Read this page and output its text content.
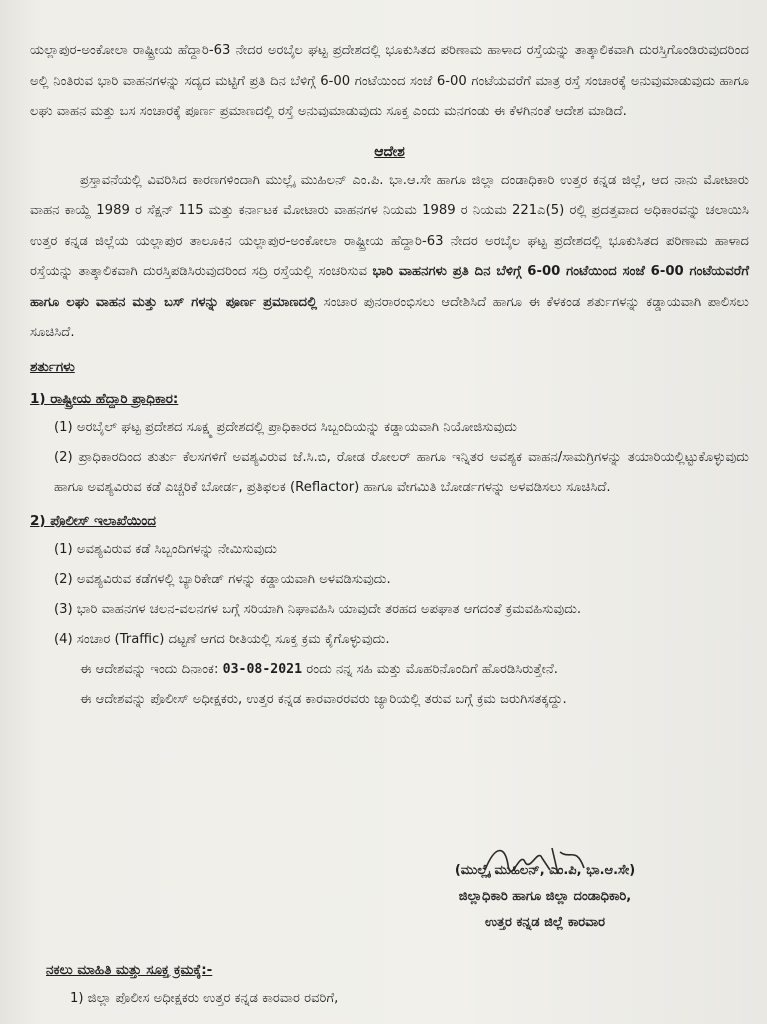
ಯಲ್ಲಾಪುರ-ಅಂಕೋಲಾ ರಾಷ್ಟ್ರೀಯ ಹೆದ್ದಾರಿ-63 ನೇದರ ಅರಬೈಲ ಘಟ್ಟ ಪ್ರದೇಶದಲ್ಲಿ ಭೂಕುಸಿತದ ಪರಿಣಾಮ ಹಾಳಾದ ರಸ್ತೆಯನ್ನು ತಾತ್ಕಾಲಿಕವಾಗಿ ದುರಸ್ತಿಗೊಂಡಿರುವುದರಿಂದ ಅಲ್ಲಿ ನಿಂತಿರುವ ಭಾರಿ ವಾಹನಗಳನ್ನು ಸದ್ಯದ ಮಟ್ಟಿಗೆ ಪ್ರತಿ ದಿನ ಬೆಳಿಗ್ಗೆ 6-00 ಗಂಟೆಯಿಂದ ಸಂಜೆ 6-00 ಗಂಟೆಯವರೆಗೆ ಮಾತ್ರ ರಸ್ತೆ ಸಂಚಾರಕ್ಕೆ ಅನುವುಮಾಡುವುದು ಹಾಗೂ ಲಘು ವಾಹನ ಮತ್ತು ಬಸ ಸಂಚಾರಕ್ಕೆ ಪೂರ್ಣ ಪ್ರಮಾಣದಲ್ಲಿ ರಸ್ತೆ ಅನುವುಮಾಡುವುದು ಸೂಕ್ತ ಎಂದು ಮನಗಂಡು ಈ ಕೆಳಗಿನಂತೆ ಆದೇಶ ಮಾಡಿದೆ.

ಆದೇಶ

ಪ್ರಸ್ತಾವನೆಯಲ್ಲಿ ವಿವರಿಸಿದ ಕಾರಣಗಳಿಂದಾಗಿ ಮುಲ್ಲೈ ಮುಹಿಲನ್ ಎಂ.ಪಿ. ಭಾ.ಆ.ಸೇ ಹಾಗೂ ಜಿಲ್ಲಾ ದಂಡಾಧಿಕಾರಿ ಉತ್ತರ ಕನ್ನಡ ಜಿಲ್ಲೆ, ಆದ ನಾನು ಮೋಟಾರು ವಾಹನ ಕಾಯ್ದೆ 1989 ರ ಸೆಕ್ಷನ್ 115 ಮತ್ತು ಕರ್ನಾಟಕ ಮೋಟಾರು ವಾಹನಗಳ ನಿಯಮ 1989 ರ ನಿಯಮ 221ಎ(5) ರಲ್ಲಿ ಪ್ರದತ್ತವಾದ ಅಧಿಕಾರವನ್ನು ಚಲಾಯಿಸಿ ಉತ್ತರ ಕನ್ನಡ ಜಿಲ್ಲೆಯ ಯಲ್ಲಾಪುರ ತಾಲೂಕಿನ ಯಲ್ಲಾಪುರ-ಅಂಕೋಲಾ ರಾಷ್ಟ್ರೀಯ ಹೆದ್ದಾರಿ-63 ನೇದರ ಅರಬೈಲ ಘಟ್ಟ ಪ್ರದೇಶದಲ್ಲಿ ಭೂಕುಸಿತದ ಪರಿಣಾಮ ಹಾಳಾದ ರಸ್ತೆಯನ್ನು ತಾತ್ಕಾಲಿಕವಾಗಿ ದುರಸ್ತಿಪಡಿಸಿರುವುದರಿಂದ ಸದ್ರಿ ರಸ್ತೆಯಲ್ಲಿ ಸಂಚರಿಸುವ ಭಾರಿ ವಾಹನಗಳು ಪ್ರತಿ ದಿನ ಬೆಳಿಗ್ಗೆ 6-00 ಗಂಟೆಯಿಂದ ಸಂಜೆ 6-00 ಗಂಟೆಯವರೆಗೆ ಹಾಗೂ ಲಘು ವಾಹನ ಮತ್ತು ಬಸ್ ಗಳನ್ನು ಪೂರ್ಣ ಪ್ರಮಾಣದಲ್ಲಿ ಸಂಚಾರ ಪುನರಾರಂಭಿಸಲು ಆದೇಶಿಸಿದೆ ಹಾಗೂ ಈ ಕೆಳಕಂಡ ಶರ್ತುಗಳನ್ನು ಕಡ್ಡಾಯವಾಗಿ ಪಾಲಿಸಲು ಸೂಚಿಸಿದೆ.

ಶರ್ತುಗಳು

1) ರಾಷ್ಟ್ರೀಯ ಹೆದ್ದಾರಿ ಪ್ರಾಧಿಕಾರ:

(1) ಅರಬೈಲ್ ಘಟ್ಟ ಪ್ರದೇಶದ ಸೂಕ್ಷ್ಮ ಪ್ರದೇಶದಲ್ಲಿ ಪ್ರಾಧಿಕಾರದ ಸಿಬ್ಬಂದಿಯನ್ನು ಕಡ್ಡಾಯವಾಗಿ ನಿಯೋಜಿಸುವುದು

(2) ಪ್ರಾಧಿಕಾರದಿಂದ ತುರ್ತು ಕೆಲಸಗಳಿಗೆ ಅವಶ್ಯವಿರುವ ಜೆ.ಸಿ.ಬಿ, ರೋಡ ರೋಲರ್ ಹಾಗೂ ಇನ್ನಿತರ ಅವಶ್ಯಕ ವಾಹನ/ಸಾಮಗ್ರಿಗಳನ್ನು ತಯಾರಿಯಲ್ಲಿಟ್ಟುಕೊಳ್ಳುವುದು ಹಾಗೂ ಅವಶ್ಯವಿರುವ ಕಡೆ ಎಚ್ಚರಿಕೆ ಬೋರ್ಡ, ಪ್ರತಿಫಲಕ (Reflactor) ಹಾಗೂ ವೇಗಮಿತಿ ಬೋರ್ಡಗಳನ್ನು ಅಳವಡಿಸಲು ಸೂಚಿಸಿದೆ.

2) ಪೊಲೀಸ್ ಇಲಾಖೆಯಿಂದ

(1) ಅವಶ್ಯವಿರುವ ಕಡೆ ಸಿಬ್ಬಂದಿಗಳನ್ನು ನೇಮಿಸುವುದು

(2) ಅವಶ್ಯವಿರುವ ಕಡೆಗಳಲ್ಲಿ ಬ್ಯಾರಿಕೇಡ್ ಗಳನ್ನು ಕಡ್ಡಾಯವಾಗಿ ಅಳವಡಿಸುವುದು.

(3) ಭಾರಿ ವಾಹನಗಳ ಚಲನ-ವಲನಗಳ ಬಗ್ಗೆ ಸರಿಯಾಗಿ ನಿಘಾವಹಿಸಿ ಯಾವುದೇ ತರಹದ ಅಪಘಾತ ಆಗದಂತೆ ಕ್ರಮವಹಿಸುವುದು.

(4) ಸಂಚಾರ (Traffic) ದಟ್ಟಣೆ ಆಗದ ರೀತಿಯಲ್ಲಿ ಸೂಕ್ತ ಕ್ರಮ ಕೈಗೊಳ್ಳುವುದು.

ಈ ಆದೇಶವನ್ನು ಇಂದು ದಿನಾಂಕ: 03-08-2021 ರಂದು ನನ್ನ ಸಹಿ ಮತ್ತು ಮೊಹರಿನೊಂದಿಗೆ ಹೊರಡಿಸಿರುತ್ತೇನೆ.

ಈ ಆದೇಶವನ್ನು ಪೊಲೀಸ್ ಅಧೀಕ್ಷಕರು, ಉತ್ತರ ಕನ್ನಡ ಕಾರವಾರರವರು ಜ್ಯಾರಿಯಲ್ಲಿ ತರುವ ಬಗ್ಗೆ ಕ್ರಮ ಜರುಗಿಸತಕ್ಕದ್ದು.

(ಮುಲ್ಲೈ ಮುಹಿಲನ್, ಎಂ.ಪಿ, ಭಾ.ಆ.ಸೇ)
ಜಿಲ್ಲಾಧಿಕಾರಿ ಹಾಗೂ ಜಿಲ್ಲಾ ದಂಡಾಧಿಕಾರಿ,
ಉತ್ತರ ಕನ್ನಡ ಜಿಲ್ಲೆ ಕಾರವಾರ

ನಕಲು ಮಾಹಿತಿ ಮತ್ತು ಸೂಕ್ತ ಕ್ರಮಕ್ಕೆ:-

1) ಜಿಲ್ಲಾ ಪೊಲೀಸ ಅಧೀಕ್ಷಕರು ಉತ್ತರ ಕನ್ನಡ ಕಾರವಾರ ರವರಿಗೆ,
